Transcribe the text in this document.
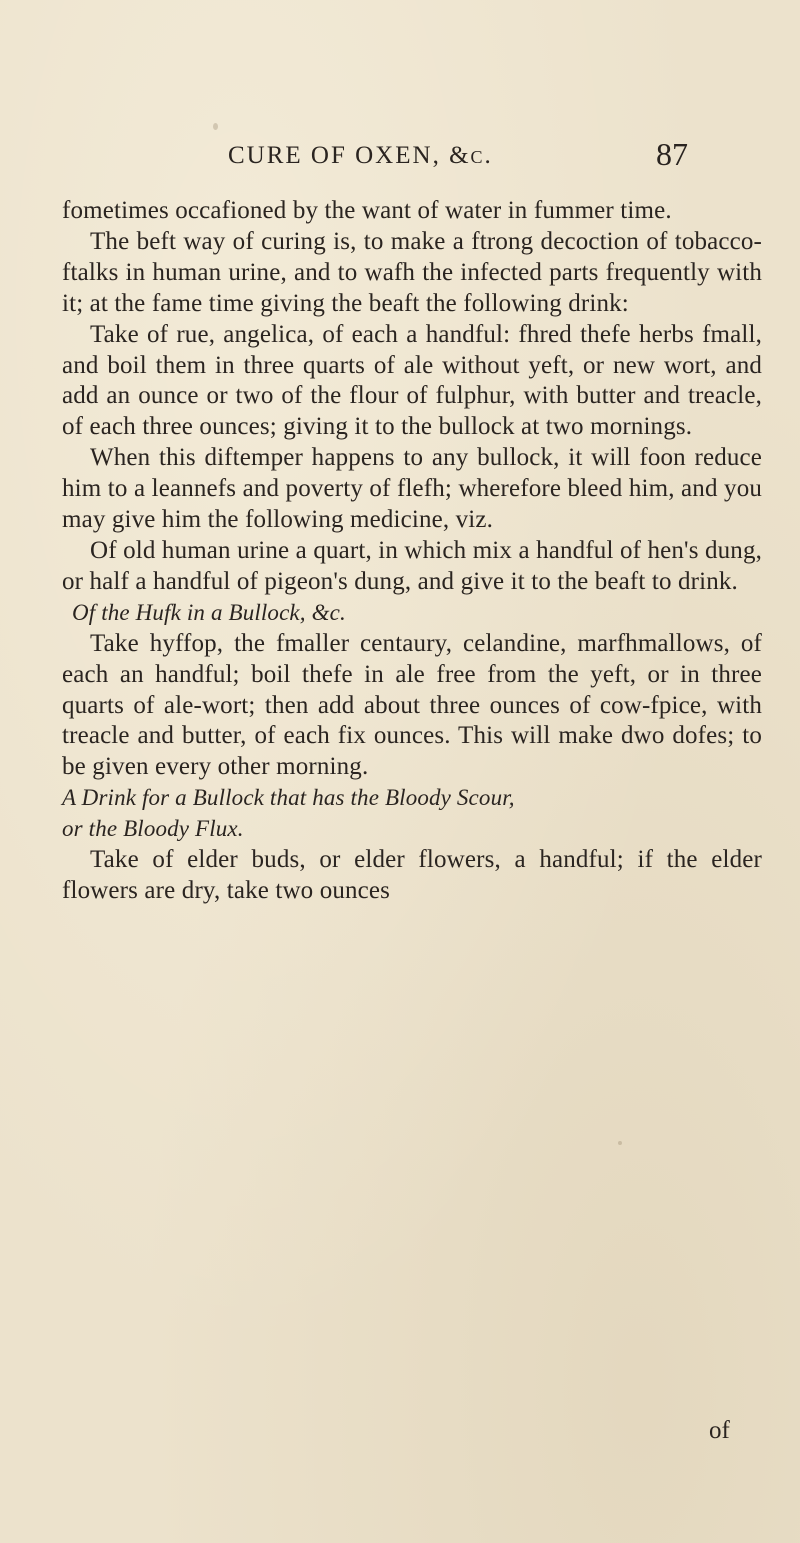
CURE OF OXEN, &c.	87

fometimes occafioned by the want of water in fummer time.

The beft way of curing is, to make a ftrong decoction of tobacco-ftalks in human urine, and to wafh the infected parts frequently with it; at the fame time giving the beaft the following drink:

Take of rue, angelica, of each a handful: fhred thefe herbs fmall, and boil them in three quarts of ale without yeft, or new wort, and add an ounce or two of the flour of fulphur, with butter and treacle, of each three ounces; giving it to the bullock at two mornings.

When this diftemper happens to any bullock, it will foon reduce him to a leannefs and poverty of flefh; wherefore bleed him, and you may give him the following medicine, viz.

Of old human urine a quart, in which mix a handful of hen's dung, or half a handful of pigeon's dung, and give it to the beaft to drink.

Of the Hufk in a Bullock, &c.

Take hyffop, the fmaller centaury, celandine, marfhmallows, of each an handful; boil thefe in ale free from the yeft, or in three quarts of ale-wort; then add about three ounces of cow-fpice, with treacle and butter, of each fix ounces. This will make dwo dofes; to be given every other morning.

A Drink for a Bullock that has the Bloody Scour,
or the Bloody Flux.

Take of elder buds, or elder flowers, a handful; if the elder flowers are dry, take two ounces

of
